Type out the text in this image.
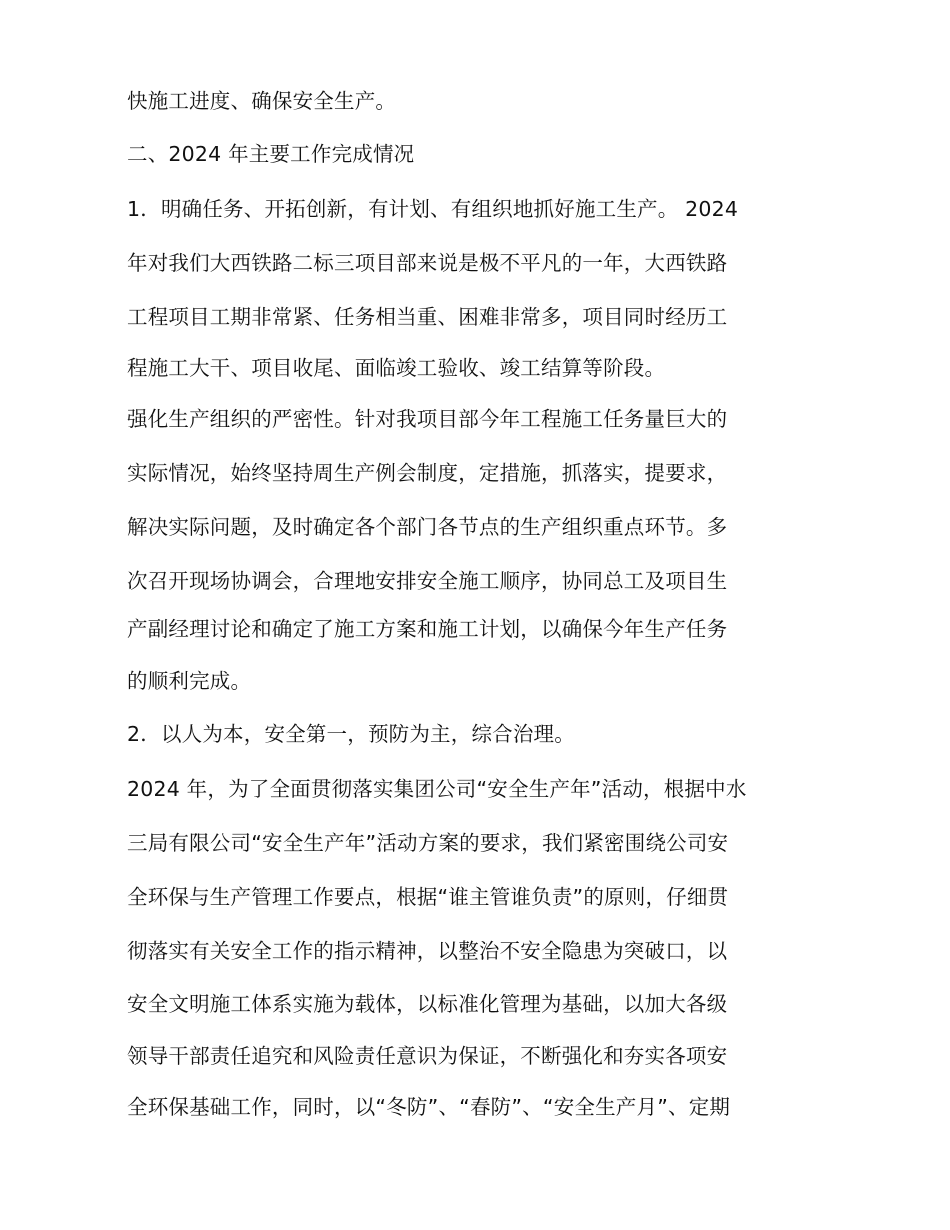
快施工进度、确保安全生产。
二、2024 年主要工作完成情况
1．明确任务、开拓创新，有计划、有组织地抓好施工生产。 2024
年对我们大西铁路二标三项目部来说是极不平凡的一年，大西铁路
工程项目工期非常紧、任务相当重、困难非常多，项目同时经历工
程施工大干、项目收尾、面临竣工验收、竣工结算等阶段。
强化生产组织的严密性。针对我项目部今年工程施工任务量巨大的
实际情况，始终坚持周生产例会制度，定措施，抓落实，提要求，
解决实际问题，及时确定各个部门各节点的生产组织重点环节。多
次召开现场协调会，合理地安排安全施工顺序，协同总工及项目生
产副经理讨论和确定了施工方案和施工计划，以确保今年生产任务
的顺利完成。
2．以人为本，安全第一，预防为主，综合治理。
2024 年，为了全面贯彻落实集团公司“安全生产年”活动，根据中水
三局有限公司“安全生产年”活动方案的要求，我们紧密围绕公司安
全环保与生产管理工作要点，根据“谁主管谁负责”的原则，仔细贯
彻落实有关安全工作的指示精神，以整治不安全隐患为突破口，以
安全文明施工体系实施为载体，以标准化管理为基础，以加大各级
领导干部责任追究和风险责任意识为保证，不断强化和夯实各项安
全环保基础工作，同时，以“冬防”、“春防”、“安全生产月”、定期
